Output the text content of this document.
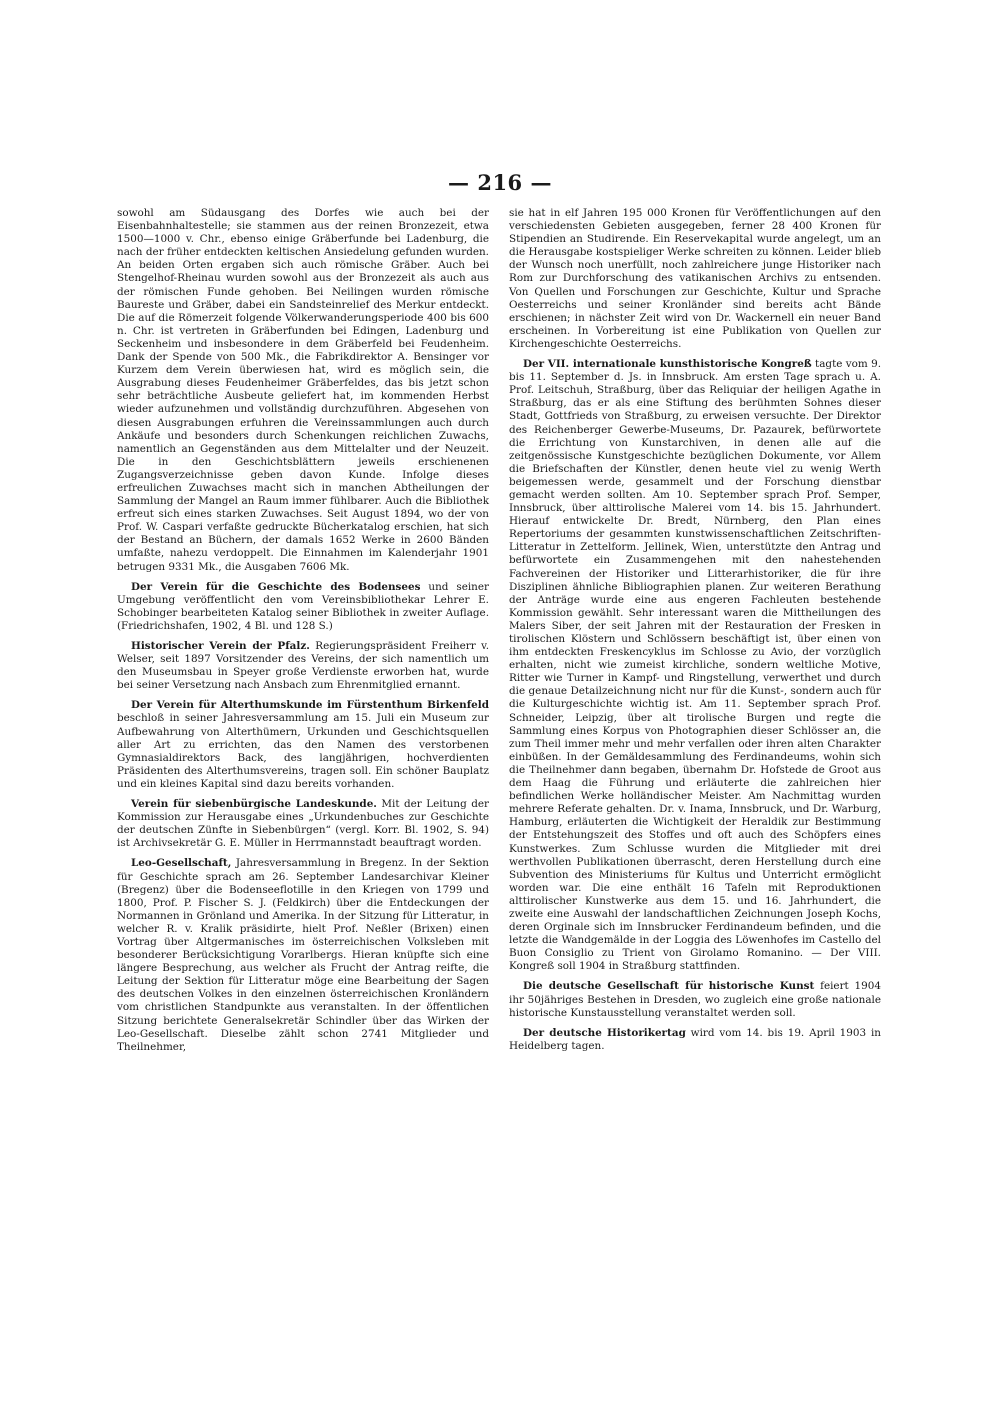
— 216 —

sowohl am Südausgang des Dorfes wie auch bei der Eisenbahnhaltestelle; sie stammen aus der reinen Bronzezeit, etwa 1500—1000 v. Chr., ebenso einige Gräberfunde bei Ladenburg, die nach der früher entdeckten keltischen Ansiedelung gefunden wurden. An beiden Orten ergaben sich auch römische Gräber. Auch bei Stengelhof-Rheinau wurden sowohl aus der Bronzezeit als auch aus der römischen Funde gehoben. Bei Neilingen wurden römische Baureste und Gräber, dabei ein Sandsteinrelief des Merkur entdeckt. Die auf die Römerzeit folgende Völkerwanderungsperiode 400 bis 600 n. Chr. ist vertreten in Gräberfunden bei Edingen, Ladenburg und Seckenheim und insbesondere in dem Gräberfeld bei Feudenheim. Dank der Spende von 500 Mk., die Fabrikdirektor A. Bensinger vor Kurzem dem Verein überwiesen hat, wird es möglich sein, die Ausgrabung dieses Feudenheimer Gräberfeldes, das bis jetzt schon sehr beträchtliche Ausbeute geliefert hat, im kommenden Herbst wieder aufzunehmen und vollständig durchzuführen. Abgesehen von diesen Ausgrabungen erfuhren die Vereinssammlungen auch durch Ankäufe und besonders durch Schenkungen reichlichen Zuwachs, namentlich an Gegenständen aus dem Mittelalter und der Neuzeit. Die in den Geschichtsblättern jeweils erschienenen Zugangsverzeichnisse geben davon Kunde. Infolge dieses erfreulichen Zuwachses macht sich in manchen Abtheilungen der Sammlung der Mangel an Raum immer fühlbarer. Auch die Bibliothek erfreut sich eines starken Zuwachses. Seit August 1894, wo der von Prof. W. Caspari verfaßte gedruckte Bücherkatalog erschien, hat sich der Bestand an Büchern, der damals 1652 Werke in 2600 Bänden umfaßte, nahezu verdoppelt. Die Einnahmen im Kalenderjahr 1901 betrugen 9331 Mk., die Ausgaben 7606 Mk.

Der Verein für die Geschichte des Bodensees und seiner Umgebung veröffentlicht den vom Vereinsbibliothekar Lehrer E. Schobinger bearbeiteten Katalog seiner Bibliothek in zweiter Auflage. (Friedrichshafen, 1902, 4 Bl. und 128 S.)

Historischer Verein der Pfalz. Regierungspräsident Freiherr v. Welser, seit 1897 Vorsitzender des Vereins, der sich namentlich um den Museumsbau in Speyer große Verdienste erworben hat, wurde bei seiner Versetzung nach Ansbach zum Ehrenmitglied ernannt.

Der Verein für Alterthumskunde im Fürstenthum Birkenfeld beschloß in seiner Jahresversammlung am 15. Juli ein Museum zur Aufbewahrung von Alterthümern, Urkunden und Geschichtsquellen aller Art zu errichten, das den Namen des verstorbenen Gymnasialdirektors Back, des langjährigen, hochverdienten Präsidenten des Alterthumsvereins, tragen soll. Ein schöner Bauplatz und ein kleines Kapital sind dazu bereits vorhanden.

Verein für siebenbürgische Landeskunde. Mit der Leitung der Kommission zur Herausgabe eines „Urkundenbuches zur Geschichte der deutschen Zünfte in Siebenbürgen“ (vergl. Korr. Bl. 1902, S. 94) ist Archivsekretär G. E. Müller in Herrmannstadt beauftragt worden.

Leo-Gesellschaft, Jahresversammlung in Bregenz. In der Sektion für Geschichte sprach am 26. September Landesarchivar Kleiner (Bregenz) über die Bodenseeflotille in den Kriegen von 1799 und 1800, Prof. P. Fischer S. J. (Feldkirch) über die Entdeckungen der Normannen in Grönland und Amerika. In der Sitzung für Litteratur, in welcher R. v. Kralik präsidirte, hielt Prof. Neßler (Brixen) einen Vortrag über Altgermanisches im österreichischen Volksleben mit besonderer Berücksichtigung Vorarlbergs. Hieran knüpfte sich eine längere Besprechung, aus welcher als Frucht der Antrag reifte, die Leitung der Sektion für Litteratur möge eine Bearbeitung der Sagen des deutschen Volkes in den einzelnen österreichischen Kronländern vom christlichen Standpunkte aus veranstalten. In der öffentlichen Sitzung berichtete Generalsekretär Schindler über das Wirken der Leo-Gesellschaft. Dieselbe zählt schon 2741 Mitglieder und Theilnehmer,

sie hat in elf Jahren 195 000 Kronen für Veröffentlichungen auf den verschiedensten Gebieten ausgegeben, ferner 28 400 Kronen für Stipendien an Studirende. Ein Reservekapital wurde angelegt, um an die Herausgabe kostspieliger Werke schreiten zu können. Leider blieb der Wunsch noch unerfüllt, noch zahlreichere junge Historiker nach Rom zur Durchforschung des vatikanischen Archivs zu entsenden. Von Quellen und Forschungen zur Geschichte, Kultur und Sprache Oesterreichs und seiner Kronländer sind bereits acht Bände erschienen; in nächster Zeit wird von Dr. Wackernell ein neuer Band erscheinen. In Vorbereitung ist eine Publikation von Quellen zur Kirchengeschichte Oesterreichs.

Der VII. internationale kunsthistorische Kongreß tagte vom 9. bis 11. September d. Js. in Innsbruck. Am ersten Tage sprach u. A. Prof. Leitschuh, Straßburg, über das Reliquiar der heiligen Agathe in Straßburg, das er als eine Stiftung des berühmten Sohnes dieser Stadt, Gottfrieds von Straßburg, zu erweisen versuchte. Der Direktor des Reichenberger Gewerbe-Museums, Dr. Pazaurek, befürwortete die Errichtung von Kunstarchiven, in denen alle auf die zeitgenössische Kunstgeschichte bezüglichen Dokumente, vor Allem die Briefschaften der Künstler, denen heute viel zu wenig Werth beigemessen werde, gesammelt und der Forschung dienstbar gemacht werden sollten. Am 10. September sprach Prof. Semper, Innsbruck, über alttirolische Malerei vom 14. bis 15. Jahrhundert. Hierauf entwickelte Dr. Bredt, Nürnberg, den Plan eines Repertoriums der gesammten kunstwissenschaftlichen Zeitschriften-Litteratur in Zettelform. Jellinek, Wien, unterstützte den Antrag und befürwortete ein Zusammengehen mit den nahestehenden Fachvereinen der Historiker und Litterarhistoriker, die für ihre Disziplinen ähnliche Bibliographien planen. Zur weiteren Berathung der Anträge wurde eine aus engeren Fachleuten bestehende Kommission gewählt. Sehr interessant waren die Mittheilungen des Malers Siber, der seit Jahren mit der Restauration der Fresken in tirolischen Klöstern und Schlössern beschäftigt ist, über einen von ihm entdeckten Freskencyklus im Schlosse zu Avio, der vorzüglich erhalten, nicht wie zumeist kirchliche, sondern weltliche Motive, Ritter wie Turner in Kampf- und Ringstellung, verwerthet und durch die genaue Detailzeichnung nicht nur für die Kunst-, sondern auch für die Kulturgeschichte wichtig ist. Am 11. September sprach Prof. Schneider, Leipzig, über alt tirolische Burgen und regte die Sammlung eines Korpus von Photographien dieser Schlösser an, die zum Theil immer mehr und mehr verfallen oder ihren alten Charakter einbüßen. In der Gemäldesammlung des Ferdinandeums, wohin sich die Theilnehmer dann begaben, übernahm Dr. Hofstede de Groot aus dem Haag die Führung und erläuterte die zahlreichen hier befindlichen Werke holländischer Meister. Am Nachmittag wurden mehrere Referate gehalten. Dr. v. Inama, Innsbruck, und Dr. Warburg, Hamburg, erläuterten die Wichtigkeit der Heraldik zur Bestimmung der Entstehungszeit des Stoffes und oft auch des Schöpfers eines Kunstwerkes. Zum Schlusse wurden die Mitglieder mit drei werthvollen Publikationen überrascht, deren Herstellung durch eine Subvention des Ministeriums für Kultus und Unterricht ermöglicht worden war. Die eine enthält 16 Tafeln mit Reproduktionen alttirolischer Kunstwerke aus dem 15. und 16. Jahrhundert, die zweite eine Auswahl der landschaftlichen Zeichnungen Joseph Kochs, deren Orginale sich im Innsbrucker Ferdinandeum befinden, und die letzte die Wandgemälde in der Loggia des Löwenhofes im Castello del Buon Consiglio zu Trient von Girolamo Romanino. — Der VIII. Kongreß soll 1904 in Straßburg stattfinden.

Die deutsche Gesellschaft für historische Kunst feiert 1904 ihr 50jähriges Bestehen in Dresden, wo zugleich eine große nationale historische Kunstausstellung veranstaltet werden soll.

Der deutsche Historikertag wird vom 14. bis 19. April 1903 in Heidelberg tagen.
